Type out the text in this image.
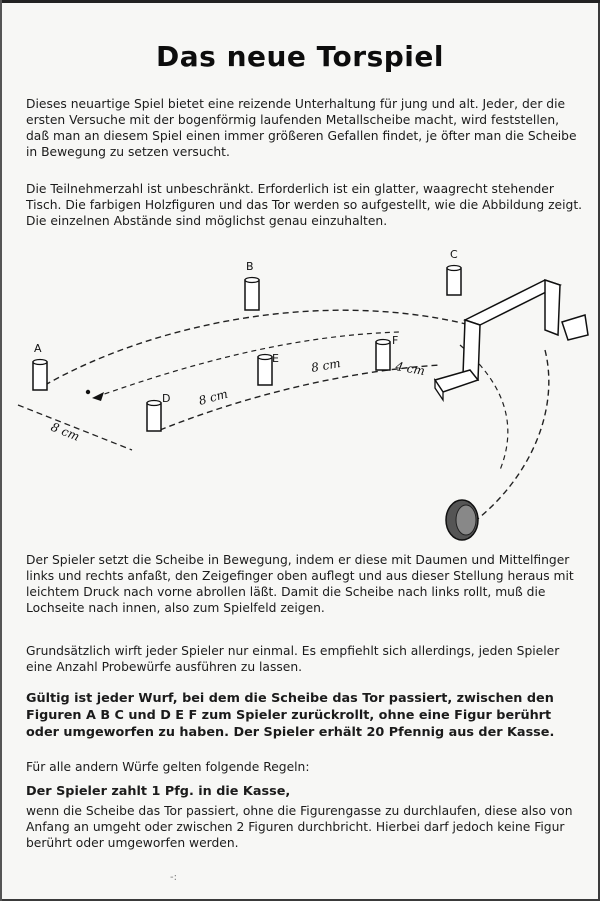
Das neue Torspiel

Dieses neuartige Spiel bietet eine reizende Unterhaltung für jung und alt. Jeder, der die ersten Versuche mit der bogenförmig laufenden Metallscheibe macht, wird feststellen, daß man an diesem Spiel einen immer größeren Gefallen findet, je öfter man die Scheibe in Bewegung zu setzen versucht.

Die Teilnehmerzahl ist unbeschränkt. Erforderlich ist ein glatter, waagrecht stehender Tisch. Die farbigen Holzfiguren und das Tor werden so aufgestellt, wie die Abbildung zeigt. Die einzelnen Abstände sind möglichst genau einzuhalten.

A
B
C
D
E
F
8 cm
8 cm
8 cm	4 cm

Der Spieler setzt die Scheibe in Bewegung, indem er diese mit Daumen und Mittelfinger links und rechts anfaßt, den Zeigefinger oben auflegt und aus dieser Stellung heraus mit leichtem Druck nach vorne abrollen läßt. Damit die Scheibe nach links rollt, muß die Lochseite nach innen, also zum Spielfeld zeigen.

Grundsätzlich wirft jeder Spieler nur einmal. Es empfiehlt sich allerdings, jeden Spieler eine Anzahl Probewürfe ausführen zu lassen.

Gültig ist jeder Wurf, bei dem die Scheibe das Tor passiert, zwischen den Figuren A B C und D E F zum Spieler zurückrollt, ohne eine Figur berührt oder umgeworfen zu haben. Der Spieler erhält 20 Pfennig aus der Kasse.

Für alle andern Würfe gelten folgende Regeln:

Der Spieler zahlt 1 Pfg. in die Kasse,

wenn die Scheibe das Tor passiert, ohne die Figurengasse zu durchlaufen, diese also von Anfang an umgeht oder zwischen 2 Figuren durchbricht. Hierbei darf jedoch keine Figur berührt oder umgeworfen werden.

-:
